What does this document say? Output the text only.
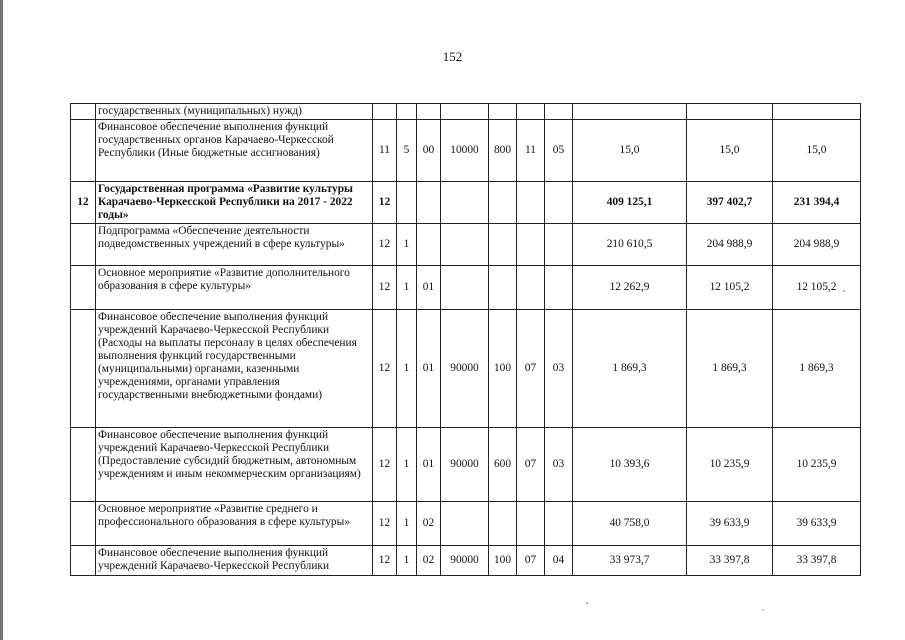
152
	государственных (муниципальных) нужд)										
	Финансовое обеспечение выполнения функций государственных органов Карачаево-Черкесской Республики (Иные бюджетные ассигнования)	11	5	00	10000	800	11	05	15,0	15,0	15,0
12	Государственная программа «Развитие культуры Карачаево-Черкесской Республики на 2017 - 2022 годы»	12							409 125,1	397 402,7	231 394,4
	Подпрограмма «Обеспечение деятельности подведомственных учреждений в сфере культуры»	12	1						210 610,5	204 988,9	204 988,9
	Основное мероприятие «Развитие дополнительного образования в сфере культуры»	12	1	01					12 262,9	12 105,2	12 105,2
	Финансовое обеспечение выполнения функций учреждений Карачаево-Черкесской Республики (Расходы на выплаты персоналу в целях обеспечения выполнения функций государственными (муниципальными) органами, казенными учреждениями, органами управления государственными внебюджетными фондами)	12	1	01	90000	100	07	03	1 869,3	1 869,3	1 869,3
	Финансовое обеспечение выполнения функций учреждений Карачаево-Черкесской Республики (Предоставление субсидий бюджетным, автономным учреждениям и иным некоммерческим организациям)	12	1	01	90000	600	07	03	10 393,6	10 235,9	10 235,9
	Основное мероприятие «Развитие среднего и профессионального образования в сфере культуры»	12	1	02					40 758,0	39 633,9	39 633,9
	Финансовое обеспечение выполнения функций учреждений Карачаево-Черкесской Республики	12	1	02	90000	100	07	04	33 973,7	33 397,8	33 397,8
